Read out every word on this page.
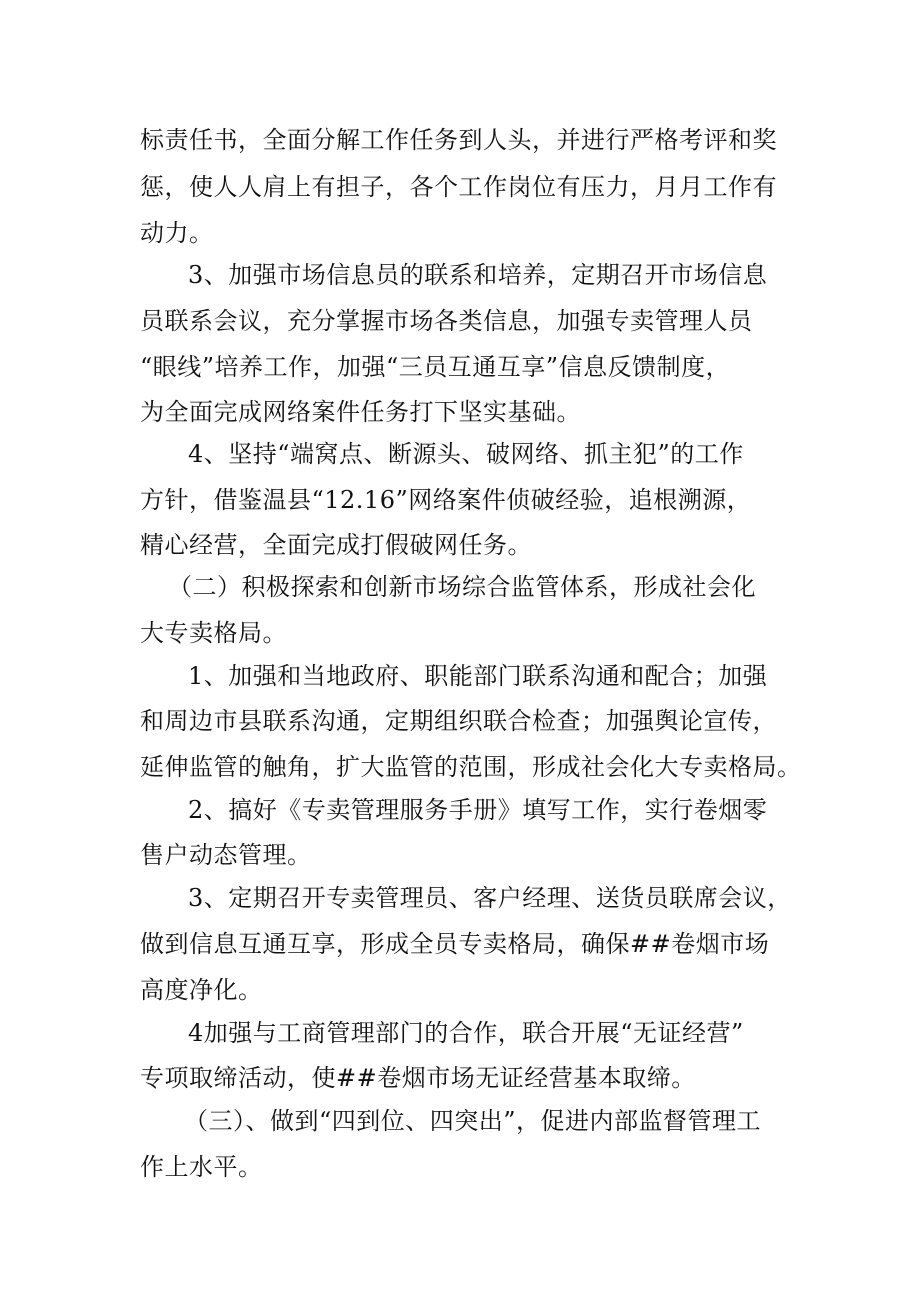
标责任书，全面分解工作任务到人头，并进行严格考评和奖
惩，使人人肩上有担子，各个工作岗位有压力，月月工作有
动力。
3、加强市场信息员的联系和培养，定期召开市场信息
员联系会议，充分掌握市场各类信息，加强专卖管理人员
“眼线”培养工作，加强“三员互通互享”信息反馈制度，
为全面完成网络案件任务打下坚实基础。
4、坚持“端窝点、断源头、破网络、抓主犯”的工作
方针，借鉴温县“12.16”网络案件侦破经验，追根溯源，
精心经营，全面完成打假破网任务。
（二）积极探索和创新市场综合监管体系，形成社会化
大专卖格局。
1、加强和当地政府、职能部门联系沟通和配合；加强
和周边市县联系沟通，定期组织联合检查；加强舆论宣传，
延伸监管的触角，扩大监管的范围，形成社会化大专卖格局。
2、搞好《专卖管理服务手册》填写工作，实行卷烟零
售户动态管理。
3、定期召开专卖管理员、客户经理、送货员联席会议，
做到信息互通互享，形成全员专卖格局，确保##卷烟市场
高度净化。
4加强与工商管理部门的合作，联合开展“无证经营”
专项取缔活动，使##卷烟市场无证经营基本取缔。
（三）、做到“四到位、四突出”，促进内部监督管理工
作上水平。
